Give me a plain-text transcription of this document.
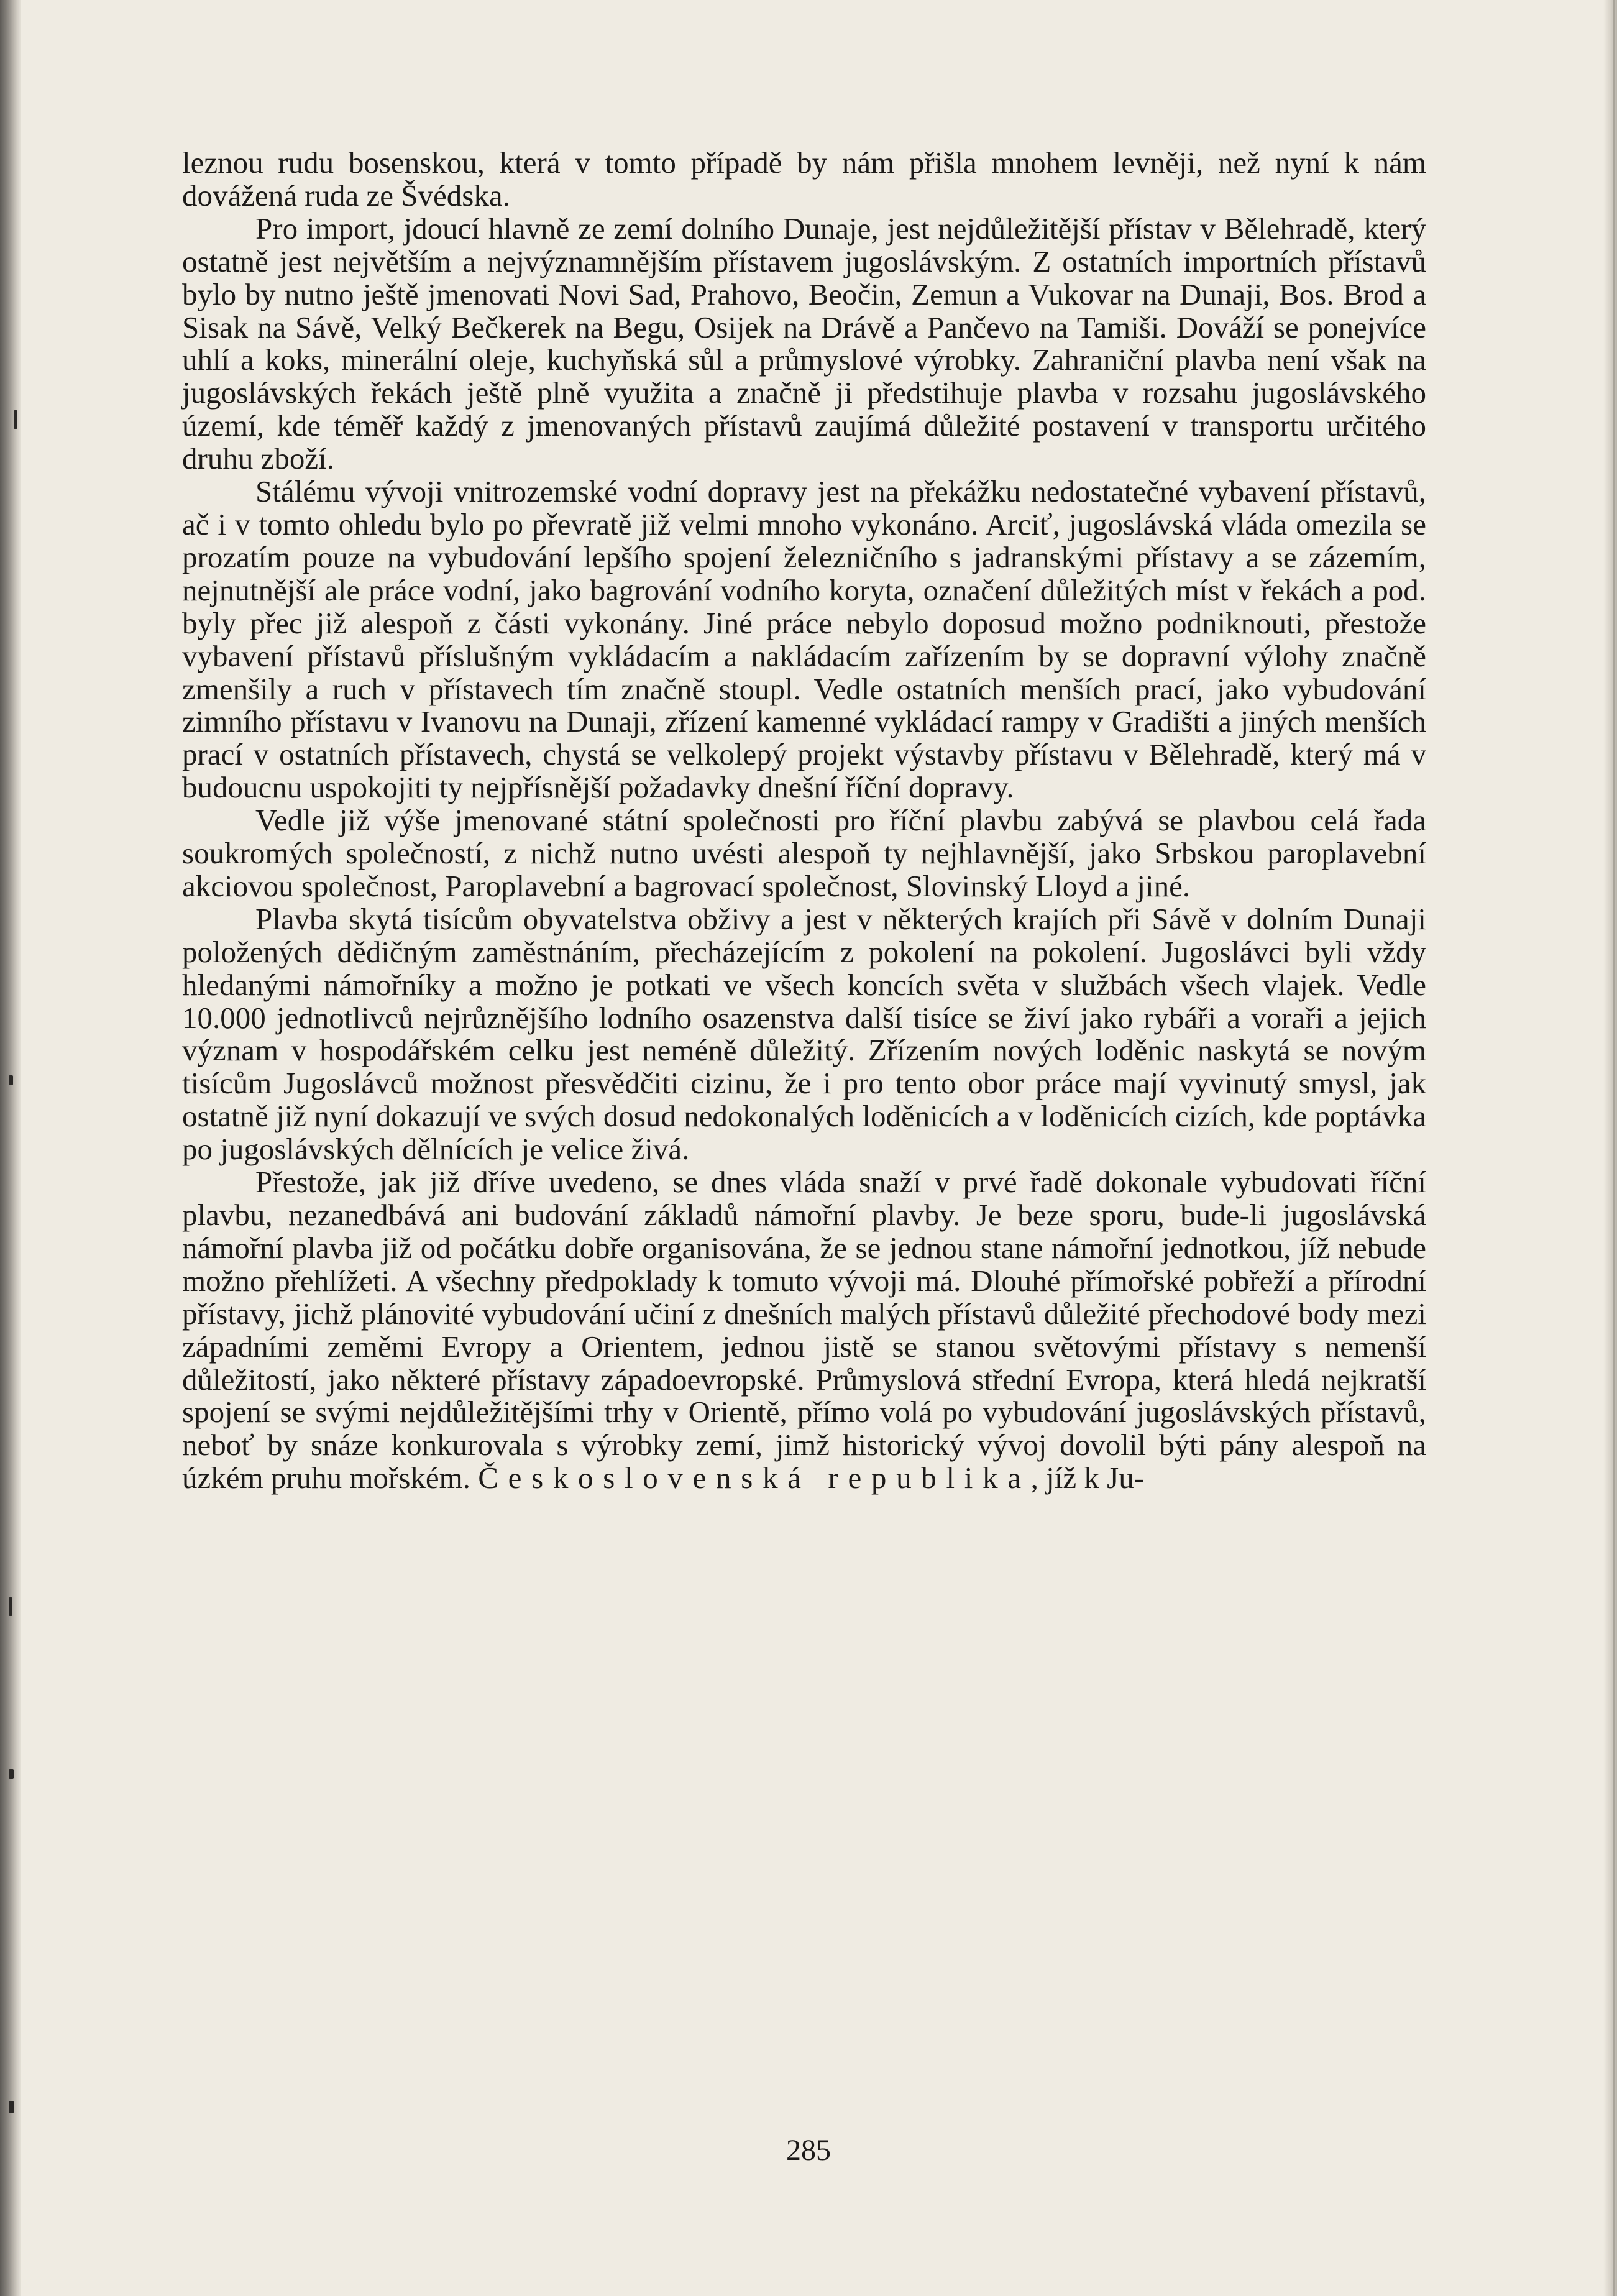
leznou rudu bosenskou, která v tomto případě by nám přišla mnohem levněji, než nyní k nám dovážená ruda ze Švédska.

Pro import, jdoucí hlavně ze zemí dolního Dunaje, jest nejdůležitější přístav v Bělehradě, který ostatně jest největším a nejvýznamnějším přístavem jugoslávským. Z ostatních importních přístavů bylo by nutno ještě jmenovati Novi Sad, Prahovo, Beočin, Zemun a Vukovar na Dunaji, Bos. Brod a Sisak na Sávě, Velký Bečkerek na Begu, Osijek na Drávě a Pančevo na Tamiši. Dováží se ponejvíce uhlí a koks, minerální oleje, kuchyňská sůl a průmyslové výrobky. Zahraniční plavba není však na jugoslávských řekách ještě plně využita a značně ji předstihuje plavba v rozsahu jugoslávského území, kde téměř každý z jmenovaných přístavů zaujímá důležité postavení v transportu určitého druhu zboží.

Stálému vývoji vnitrozemské vodní dopravy jest na překážku nedostatečné vybavení přístavů, ač i v tomto ohledu bylo po převratě již velmi mnoho vykonáno. Arciť, jugoslávská vláda omezila se prozatím pouze na vybudování lepšího spojení železničního s jadranskými přístavy a se zázemím, nejnutnější ale práce vodní, jako bagrování vodního koryta, označení důležitých míst v řekách a pod. byly přec již alespoň z části vykonány. Jiné práce nebylo doposud možno podniknouti, přestože vybavení přístavů příslušným vykládacím a nakládacím zařízením by se dopravní výlohy značně zmenšily a ruch v přístavech tím značně stoupl. Vedle ostatních menších prací, jako vybudování zimního přístavu v Ivanovu na Dunaji, zřízení kamenné vykládací rampy v Gradišti a jiných menších prací v ostatních přístavech, chystá se velkolepý projekt výstavby přístavu v Bělehradě, který má v budoucnu uspokojiti ty nejpřísnější požadavky dnešní říční dopravy.

Vedle již výše jmenované státní společnosti pro říční plavbu zabývá se plavbou celá řada soukromých společností, z nichž nutno uvésti alespoň ty nejhlavnější, jako Srbskou paroplavební akciovou společnost, Paroplavební a bagrovací společnost, Slovinský Lloyd a jiné.

Plavba skytá tisícům obyvatelstva obživy a jest v některých krajích při Sávě v dolním Dunaji položených dědičným zaměstnáním, přecházejícím z pokolení na pokolení. Jugoslávci byli vždy hledanými námořníky a možno je potkati ve všech koncích světa v službách všech vlajek. Vedle 10.000 jednotlivců nejrůznějšího lodního osazenstva další tisíce se živí jako rybáři a voraři a jejich význam v hospodářském celku jest neméně důležitý. Zřízením nových loděnic naskytá se novým tisícům Jugoslávců možnost přesvědčiti cizinu, že i pro tento obor práce mají vyvinutý smysl, jak ostatně již nyní dokazují ve svých dosud nedokonalých loděnicích a v loděnicích cizích, kde poptávka po jugoslávských dělnících je velice živá.

Přestože, jak již dříve uvedeno, se dnes vláda snaží v prvé řadě dokonale vybudovati říční plavbu, nezanedbává ani budování základů námořní plavby. Je beze sporu, bude-li jugoslávská námořní plavba již od počátku dobře organisována, že se jednou stane námořní jednotkou, jíž nebude možno přehlížeti. A všechny předpoklady k tomuto vývoji má. Dlouhé přímořské pobřeží a přírodní přístavy, jichž plánovité vybudování učiní z dnešních malých přístavů důležité přechodové body mezi západními zeměmi Evropy a Orientem, jednou jistě se stanou světovými přístavy s nemenší důležitostí, jako některé přístavy západoevropské. Průmyslová střední Evropa, která hledá nejkratší spojení se svými nejdůležitějšími trhy v Orientě, přímo volá po vybudování jugoslávských přístavů, neboť by snáze konkurovala s výrobky zemí, jimž historický vývoj dovolil býti pány alespoň na úzkém pruhu mořském. Československá republika, jíž k Ju-

285
